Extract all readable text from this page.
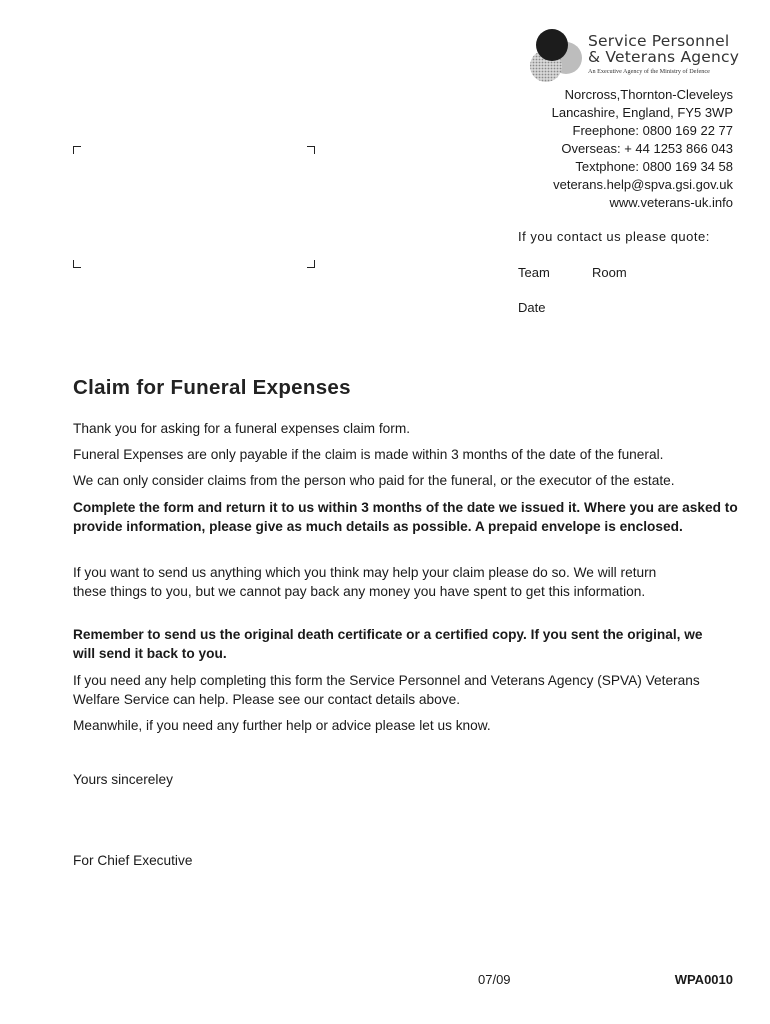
Service Personnel
& Veterans Agency
An Executive Agency of the Ministry of Defence
Norcross,Thornton-Cleveleys
Lancashire, England, FY5 3WP
Freephone: 0800 169 22 77
Overseas: + 44 1253 866 043
Textphone: 0800 169 34 58
veterans.help@spva.gsi.gov.uk
www.veterans-uk.info
If you contact us please quote:
Team	Room
Date
Claim for Funeral Expenses
Thank you for asking for a funeral expenses claim form.
Funeral Expenses are only payable if the claim is made within 3 months of the date of the funeral.
We can only consider claims from the person who paid for the funeral, or the executor of the estate.
Complete the form and return it to us within 3 months of the date we issued it. Where you are asked to provide information, please give as much details as possible. A prepaid envelope is enclosed.
If you want to send us anything which you think may help your claim please do so. We will return these things to you, but we cannot pay back any money you have spent to get this information.
Remember to send us the original death certificate or a certified copy. If you sent the original, we will send it back to you.
If you need any help completing this form the Service Personnel and Veterans Agency (SPVA) Veterans Welfare Service can help. Please see our contact details above.
Meanwhile, if you need any further help or advice please let us know.
Yours sincereley
For Chief Executive
07/09	WPA0010
